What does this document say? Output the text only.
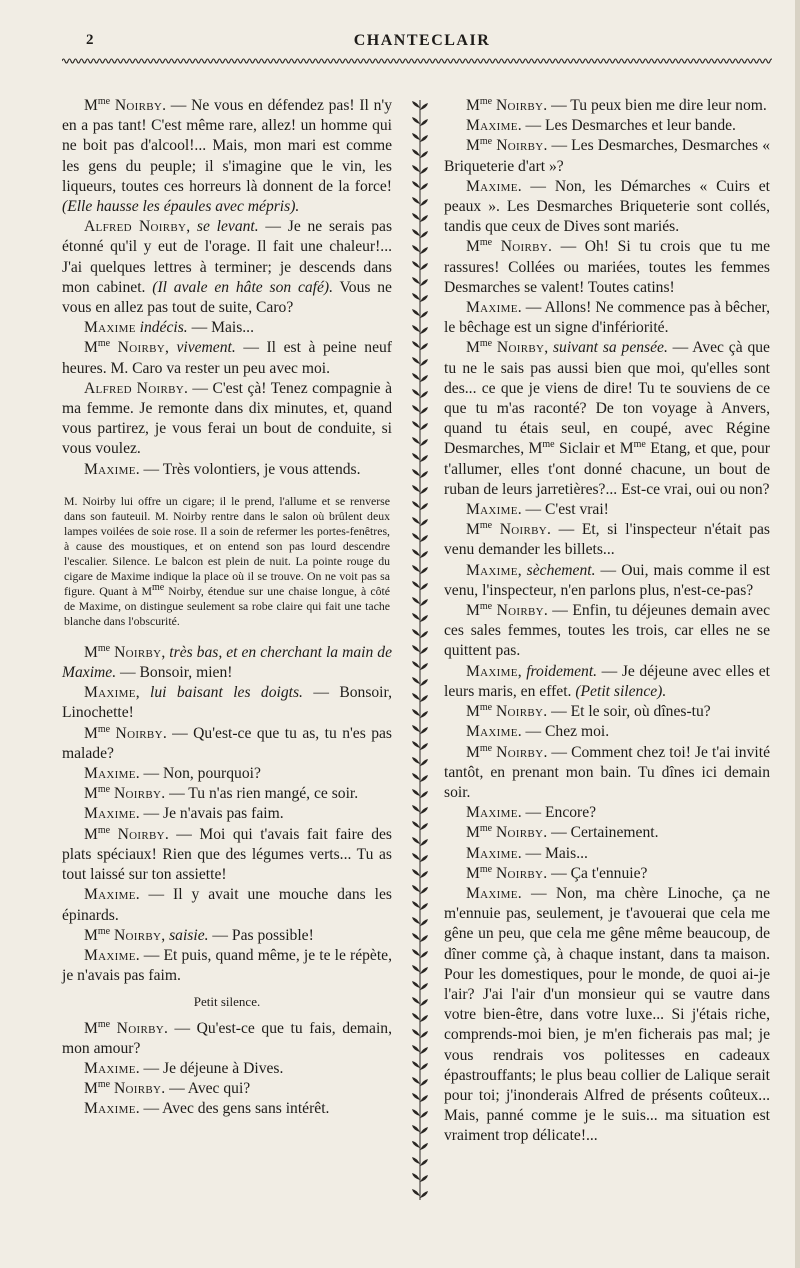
2	CHANTECLAIR

$M^{me}$ Noirby. — Ne vous en défendez pas! Il n'y en a pas tant! C'est même rare, allez! un homme qui ne boit pas d'alcool!... Mais, mon mari est comme les gens du peuple; il s'imagine que le vin, les liqueurs, toutes ces horreurs là donnent de la force! (Elle hausse les épaules avec mépris).

Alfred Noirby, se levant. — Je ne serais pas étonné qu'il y eut de l'orage. Il fait une chaleur!... J'ai quelques lettres à terminer; je descends dans mon cabinet. (Il avale en hâte son café). Vous ne vous en allez pas tout de suite, Caro?

Maxime indécis. — Mais...

$M^{me}$ Noirby, vivement. — Il est à peine neuf heures. M. Caro va rester un peu avec moi.

Alfred Noirby. — C'est çà! Tenez compagnie à ma femme. Je remonte dans dix minutes, et, quand vous partirez, je vous ferai un bout de conduite, si vous voulez.

Maxime. — Très volontiers, je vous attends.

M. Noirby lui offre un cigare; il le prend, l'allume et se renverse dans son fauteuil. M. Noirby rentre dans le salon où brûlent deux lampes voilées de soie rose. Il a soin de refermer les portes-fenêtres, à cause des moustiques, et on entend son pas lourd descendre l'escalier. Silence. Le balcon est plein de nuit. La pointe rouge du cigare de Maxime indique la place où il se trouve. On ne voit pas sa figure. Quant à $M^{me}$ Noirby, étendue sur une chaise longue, à côté de Maxime, on distingue seulement sa robe claire qui fait une tache blanche dans l'obscurité.

$M^{me}$ Noirby, très bas, et en cherchant la main de Maxime. — Bonsoir, mien!

Maxime, lui baisant les doigts. — Bonsoir, Linochette!

$M^{me}$ Noirby. — Qu'est-ce que tu as, tu n'es pas malade?

Maxime. — Non, pourquoi?

$M^{me}$ Noirby. — Tu n'as rien mangé, ce soir.

Maxime. — Je n'avais pas faim.

$M^{me}$ Noirby. — Moi qui t'avais fait faire des plats spéciaux! Rien que des légumes verts... Tu as tout laissé sur ton assiette!

Maxime. — Il y avait une mouche dans les épinards.

$M^{me}$ Noirby, saisie. — Pas possible!

Maxime. — Et puis, quand même, je te le répète, je n'avais pas faim.

Petit silence.

$M^{me}$ Noirby. — Qu'est-ce que tu fais, demain, mon amour?

Maxime. — Je déjeune à Dives.

$M^{me}$ Noirby. — Avec qui?

Maxime. — Avec des gens sans intérêt.

$M^{me}$ Noirby. — Tu peux bien me dire leur nom.

Maxime. — Les Desmarches et leur bande.

$M^{me}$ Noirby. — Les Desmarches, Desmarches « Briqueterie d'art »?

Maxime. — Non, les Démarches « Cuirs et peaux ». Les Desmarches Briqueterie sont collés, tandis que ceux de Dives sont mariés.

$M^{me}$ Noirby. — Oh! Si tu crois que tu me rassures! Collées ou mariées, toutes les femmes Desmarches se valent! Toutes catins!

Maxime. — Allons! Ne commence pas à bêcher, le bêchage est un signe d'infériorité.

$M^{me}$ Noirby, suivant sa pensée. — Avec çà que tu ne le sais pas aussi bien que moi, qu'elles sont des... ce que je viens de dire! Tu te souviens de ce que tu m'as raconté? De ton voyage à Anvers, quand tu étais seul, en coupé, avec Régine Desmarches, $M^{me}$ Siclair et $M^{me}$ Etang, et que, pour t'allumer, elles t'ont donné chacune, un bout de ruban de leurs jarretières?... Est-ce vrai, oui ou non?

Maxime. — C'est vrai!

$M^{me}$ Noirby. — Et, si l'inspecteur n'était pas venu demander les billets...

Maxime, sèchement. — Oui, mais comme il est venu, l'inspecteur, n'en parlons plus, n'est-ce-pas?

$M^{me}$ Noirby. — Enfin, tu déjeunes demain avec ces sales femmes, toutes les trois, car elles ne se quittent pas.

Maxime, froidement. — Je déjeune avec elles et leurs maris, en effet. (Petit silence).

$M^{me}$ Noirby. — Et le soir, où dînes-tu?

Maxime. — Chez moi.

$M^{me}$ Noirby. — Comment chez toi! Je t'ai invité tantôt, en prenant mon bain. Tu dînes ici demain soir.

Maxime. — Encore?

$M^{me}$ Noirby. — Certainement.

Maxime. — Mais...

$M^{me}$ Noirby. — Ça t'ennuie?

Maxime. — Non, ma chère Linoche, ça ne m'ennuie pas, seulement, je t'avouerai que cela me gêne un peu, que cela me gêne même beaucoup, de dîner comme çà, à chaque instant, dans ta maison. Pour les domestiques, pour le monde, de quoi ai-je l'air? J'ai l'air d'un monsieur qui se vautre dans votre bien-être, dans votre luxe... Si j'étais riche, comprends-moi bien, je m'en ficherais pas mal; je vous rendrais vos politesses en cadeaux épastrouffants; le plus beau collier de Lalique serait pour toi; j'inonderais Alfred de présents coûteux... Mais, panné comme je le suis... ma situation est vraiment trop délicate!...
